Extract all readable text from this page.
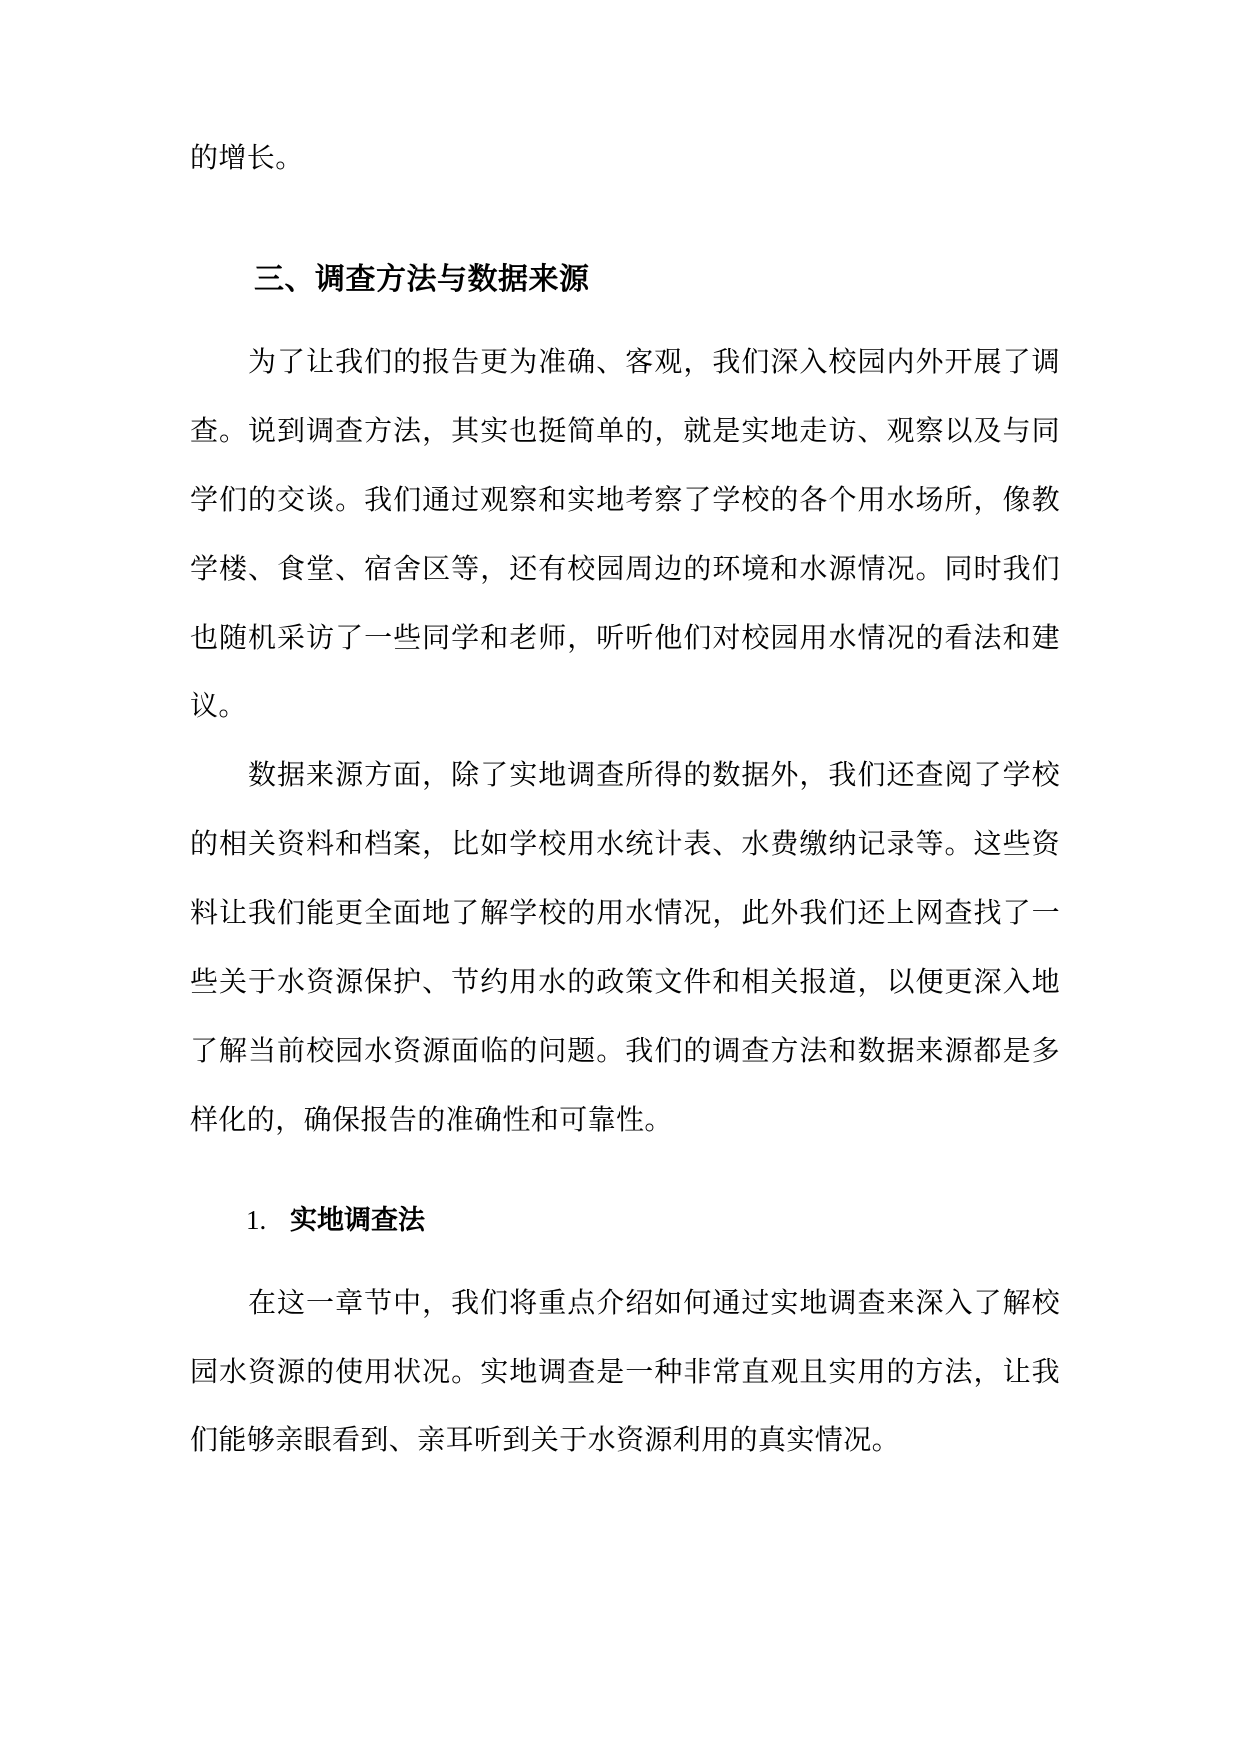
的增长。
三、调查方法与数据来源
为了让我们的报告更为准确、客观，我们深入校园内外开展了调
查。说到调查方法，其实也挺简单的，就是实地走访、观察以及与同
学们的交谈。我们通过观察和实地考察了学校的各个用水场所，像教
学楼、食堂、宿舍区等，还有校园周边的环境和水源情况。同时我们
也随机采访了一些同学和老师，听听他们对校园用水情况的看法和建
议。
数据来源方面，除了实地调查所得的数据外，我们还查阅了学校
的相关资料和档案，比如学校用水统计表、水费缴纳记录等。这些资
料让我们能更全面地了解学校的用水情况，此外我们还上网查找了一
些关于水资源保护、节约用水的政策文件和相关报道，以便更深入地
了解当前校园水资源面临的问题。我们的调查方法和数据来源都是多
样化的，确保报告的准确性和可靠性。
1. 实地调查法
在这一章节中，我们将重点介绍如何通过实地调查来深入了解校
园水资源的使用状况。实地调查是一种非常直观且实用的方法，让我
们能够亲眼看到、亲耳听到关于水资源利用的真实情况。
